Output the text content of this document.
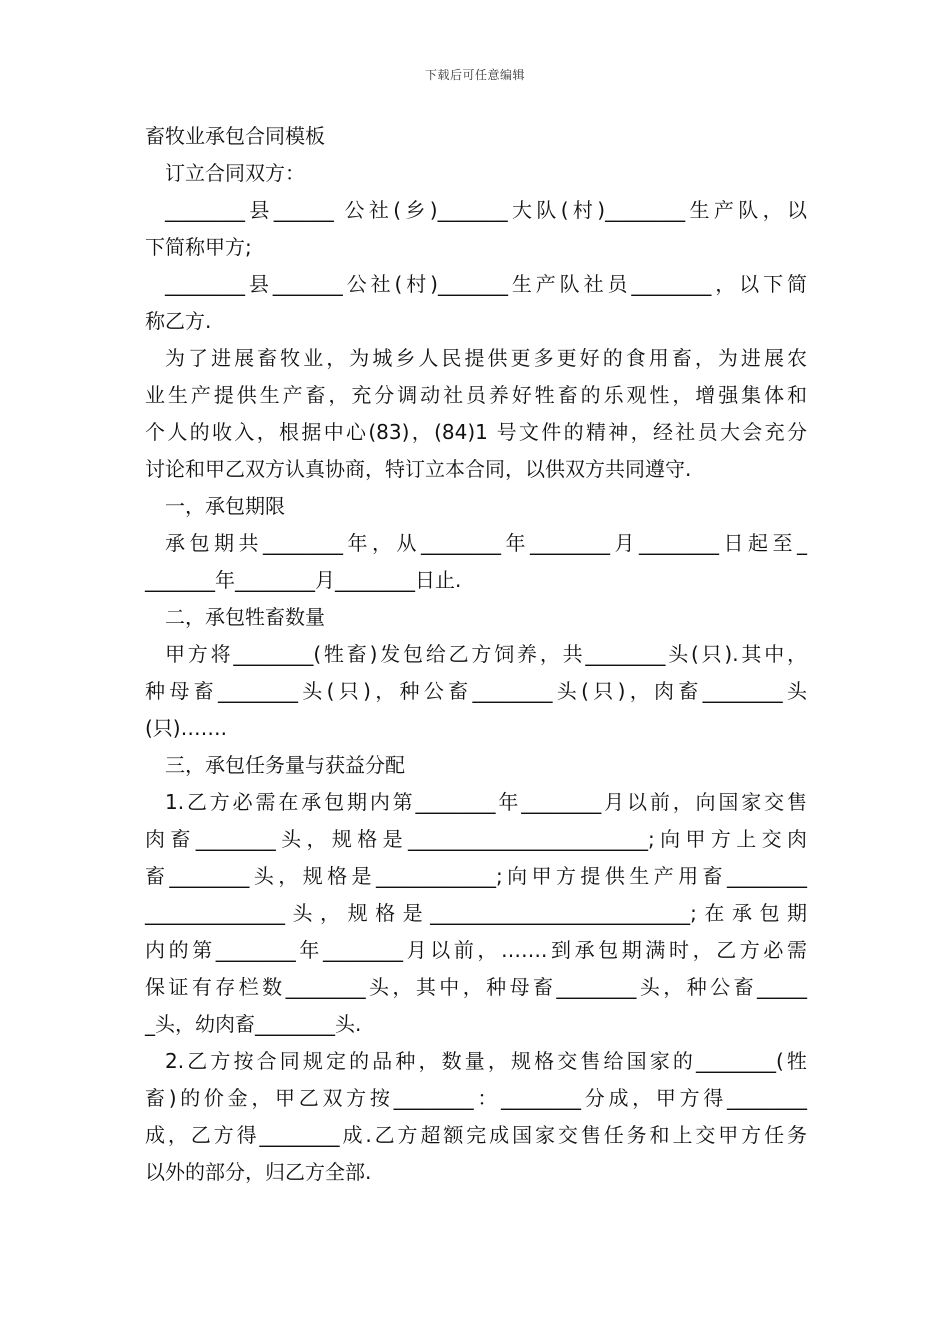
下载后可任意编辑

畜牧业承包合同模板

订立合同双方：

________县______ 公社(乡)_______大队(村)________生产队，以
下简称甲方;

________县_______公社(村)_______生产队社员________，以下简
称乙方.

为了进展畜牧业，为城乡人民提供更多更好的食用畜，为进展农
业生产提供生产畜，充分调动社员养好牲畜的乐观性，增强集体和
个人的收入，根据中心(83)，(84)1 号文件的精神，经社员大会充分
讨论和甲乙双方认真协商，特订立本合同，以供双方共同遵守.

一，承包期限

承包期共________年，从________年________月________日起至_
_______年________月________日止.

二，承包牲畜数量

甲方将________(牲畜)发包给乙方饲养，共________头(只).其中，
种母畜________头(只)，种公畜________头(只)，肉畜________头
(只)…….

三，承包任务量与获益分配

1.乙方必需在承包期内第________年________月以前，向国家交售
肉畜________头，规格是________________________;向甲方上交肉
畜________头，规格是____________;向甲方提供生产用畜________
______________头，规格是__________________________;在承包期
内的第________年________月以前，…….到承包期满时，乙方必需
保证有存栏数________头，其中，种母畜________头，种公畜_____
_头，幼肉畜________头.

2.乙方按合同规定的品种，数量，规格交售给国家的________(牲
畜)的价金，甲乙双方按________：________分成，甲方得________
成，乙方得________成.乙方超额完成国家交售任务和上交甲方任务
以外的部分，归乙方全部.
